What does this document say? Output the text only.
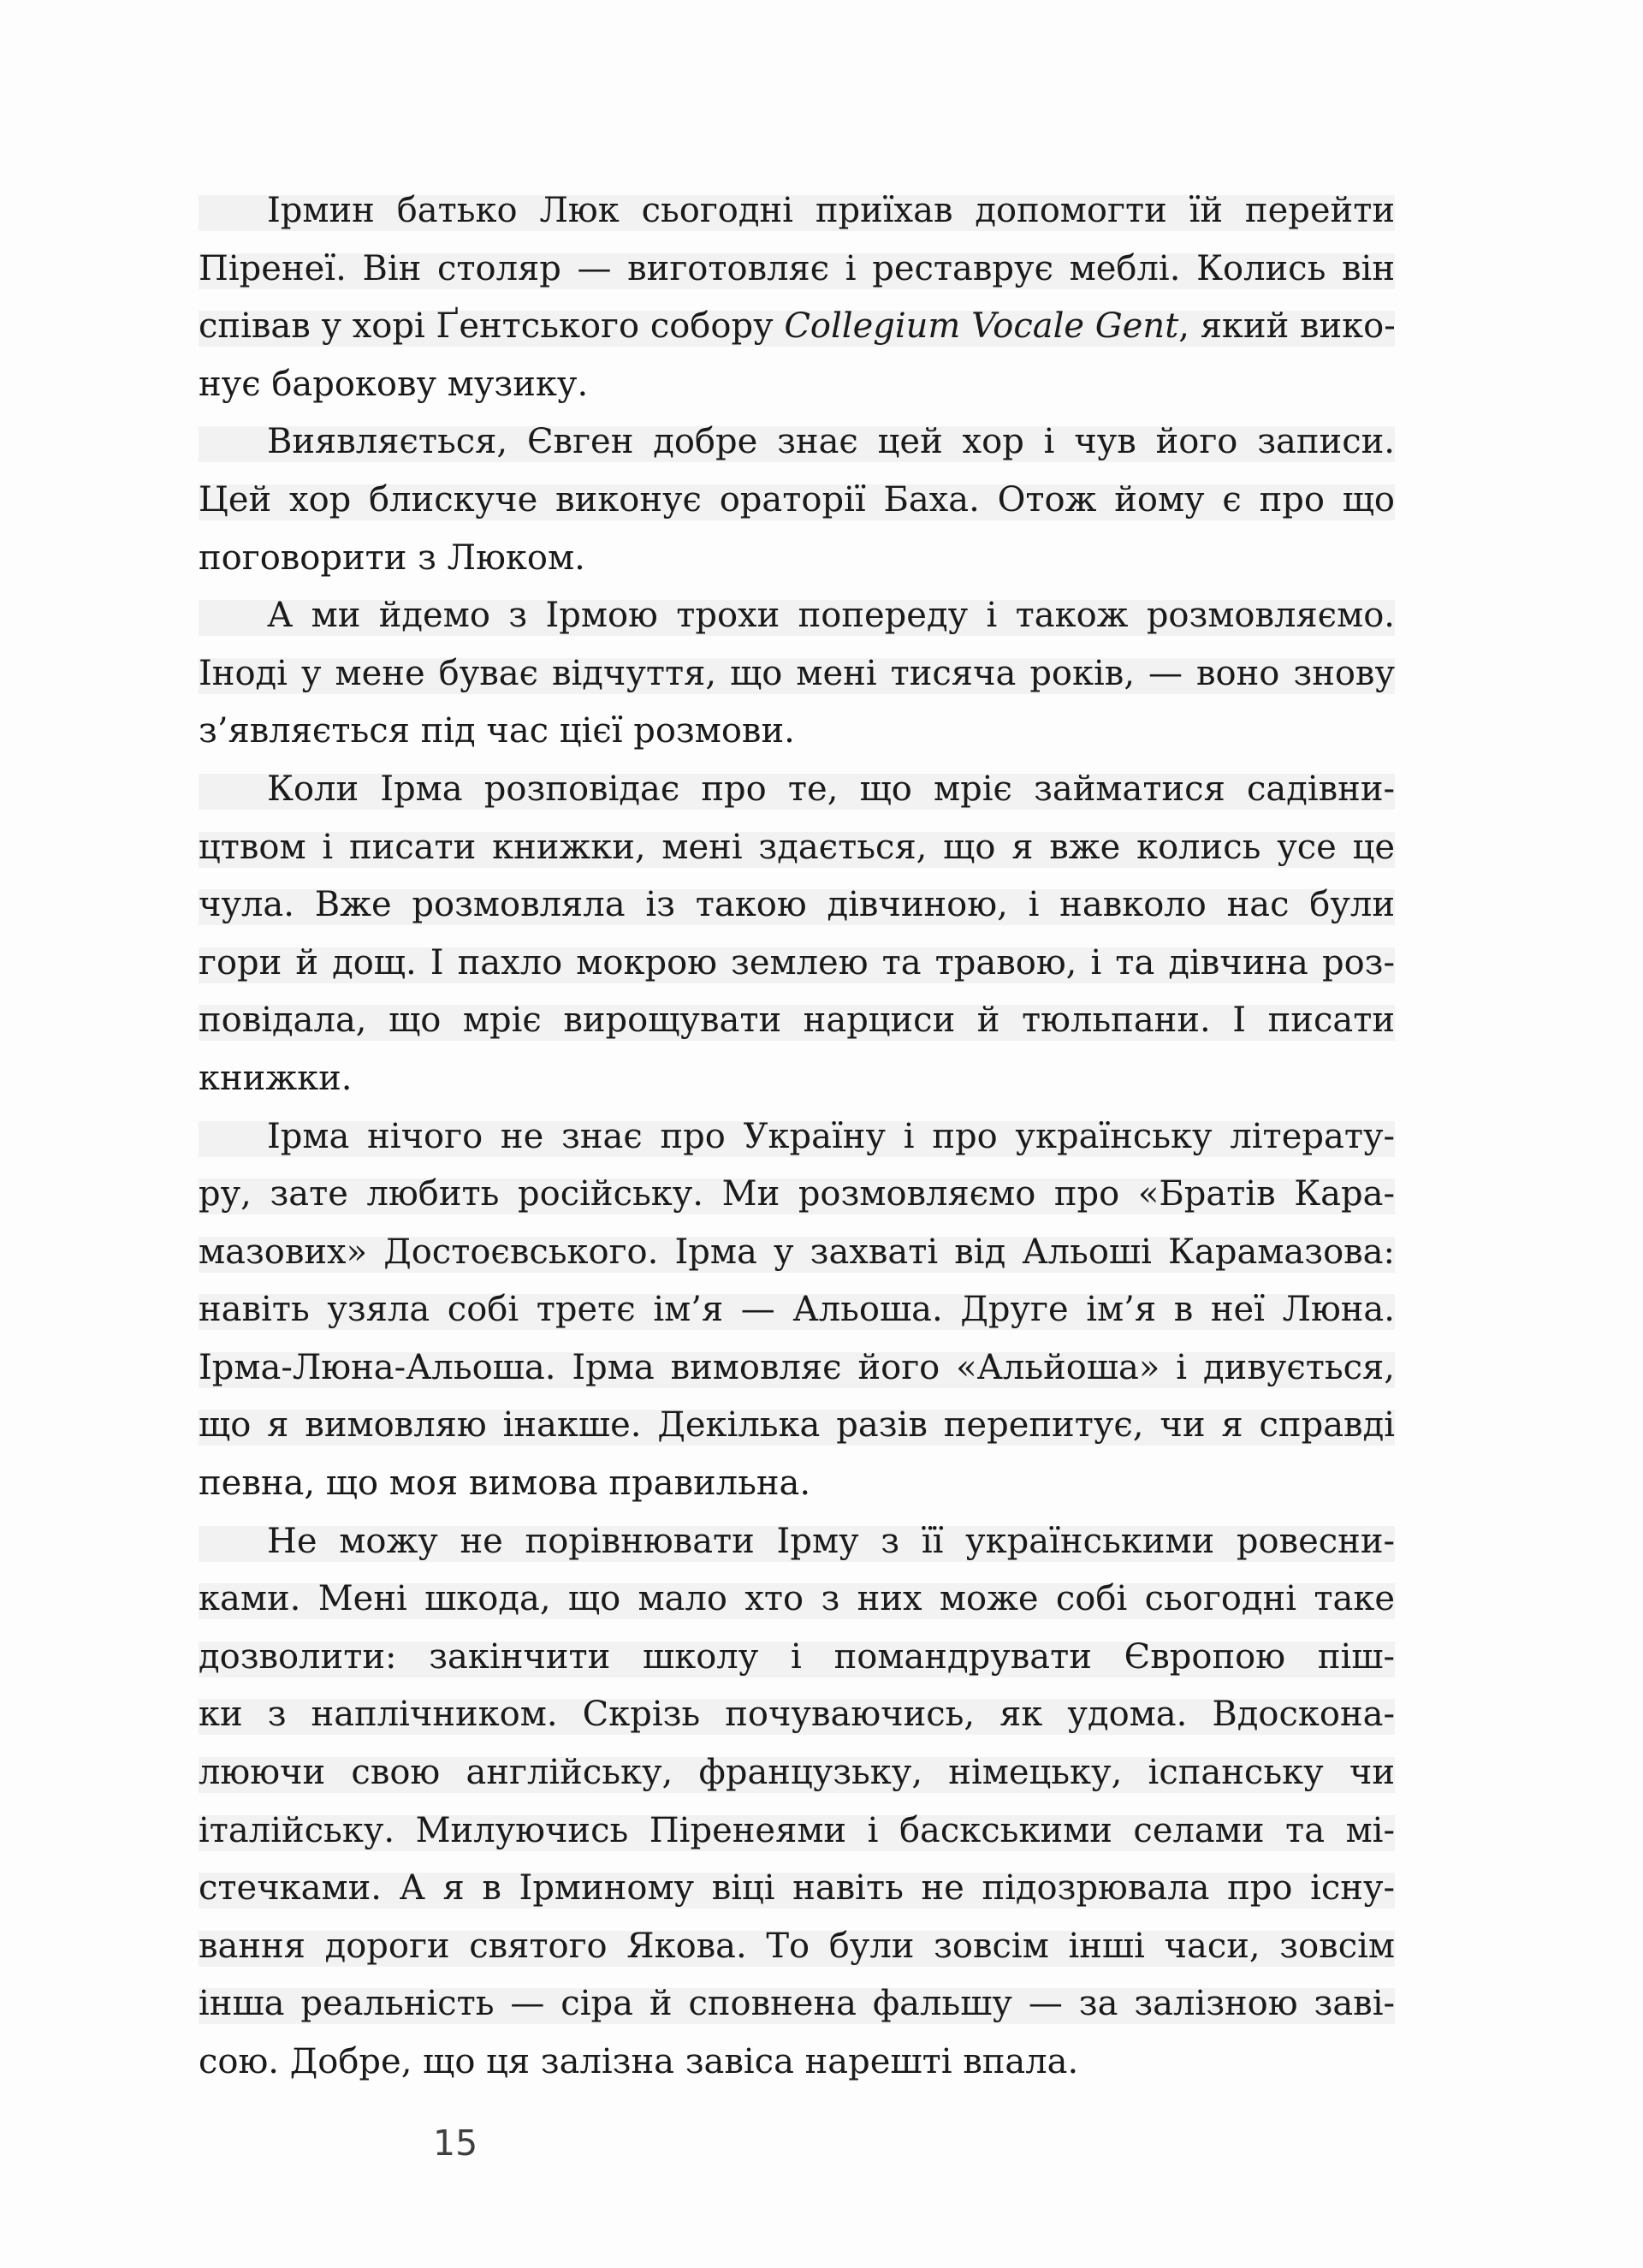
Ірмин батько Люк сьогодні приїхав допомогти їй перейти
Піренеї. Він столяр — виготовляє і реставрує меблі. Колись він
співав у хорі Ґентського собору Collegium Vocale Gent, який вико-
нує барокову музику.
Виявляється, Євген добре знає цей хор і чув його записи.
Цей хор блискуче виконує ораторії Баха. Отож йому є про що
поговорити з Люком.
А ми йдемо з Ірмою трохи попереду і також розмовляємо.
Іноді у мене буває відчуття, що мені тисяча років, — воно знову
з’являється під час цієї розмови.
Коли Ірма розповідає про те, що мріє займатися садівни-
цтвом і писати книжки, мені здається, що я вже колись усе це
чула. Вже розмовляла із такою дівчиною, і навколо нас були
гори й дощ. І пахло мокрою землею та травою, і та дівчина роз-
повідала, що мріє вирощувати нарциси й тюльпани. І писати
книжки.
Ірма нічого не знає про Україну і про українську літерату-
ру, зате любить російську. Ми розмовляємо про «Братів Кара-
мазових» Достоєвського. Ірма у захваті від Альоші Карамазова:
навіть узяла собі третє ім’я — Альоша. Друге ім’я в неї Люна.
Ірма-Люна-Альоша. Ірма вимовляє його «Альйоша» і дивується,
що я вимовляю інакше. Декілька разів перепитує, чи я справді
певна, що моя вимова правильна.
Не можу не порівнювати Ірму з її українськими ровесни-
ками. Мені шкода, що мало хто з них може собі сьогодні таке
дозволити: закінчити школу і помандрувати Європою піш-
ки з наплічником. Скрізь почуваючись, як удома. Вдоскона-
люючи свою англійську, французьку, німецьку, іспанську чи
італійську. Милуючись Піренеями і баскськими селами та мі-
стечками. А я в Ірминому віці навіть не підозрювала про існу-
вання дороги святого Якова. То були зовсім інші часи, зовсім
інша реальність — сіра й сповнена фальшу — за залізною заві-
сою. Добре, що ця залізна завіса нарешті впала.
15
